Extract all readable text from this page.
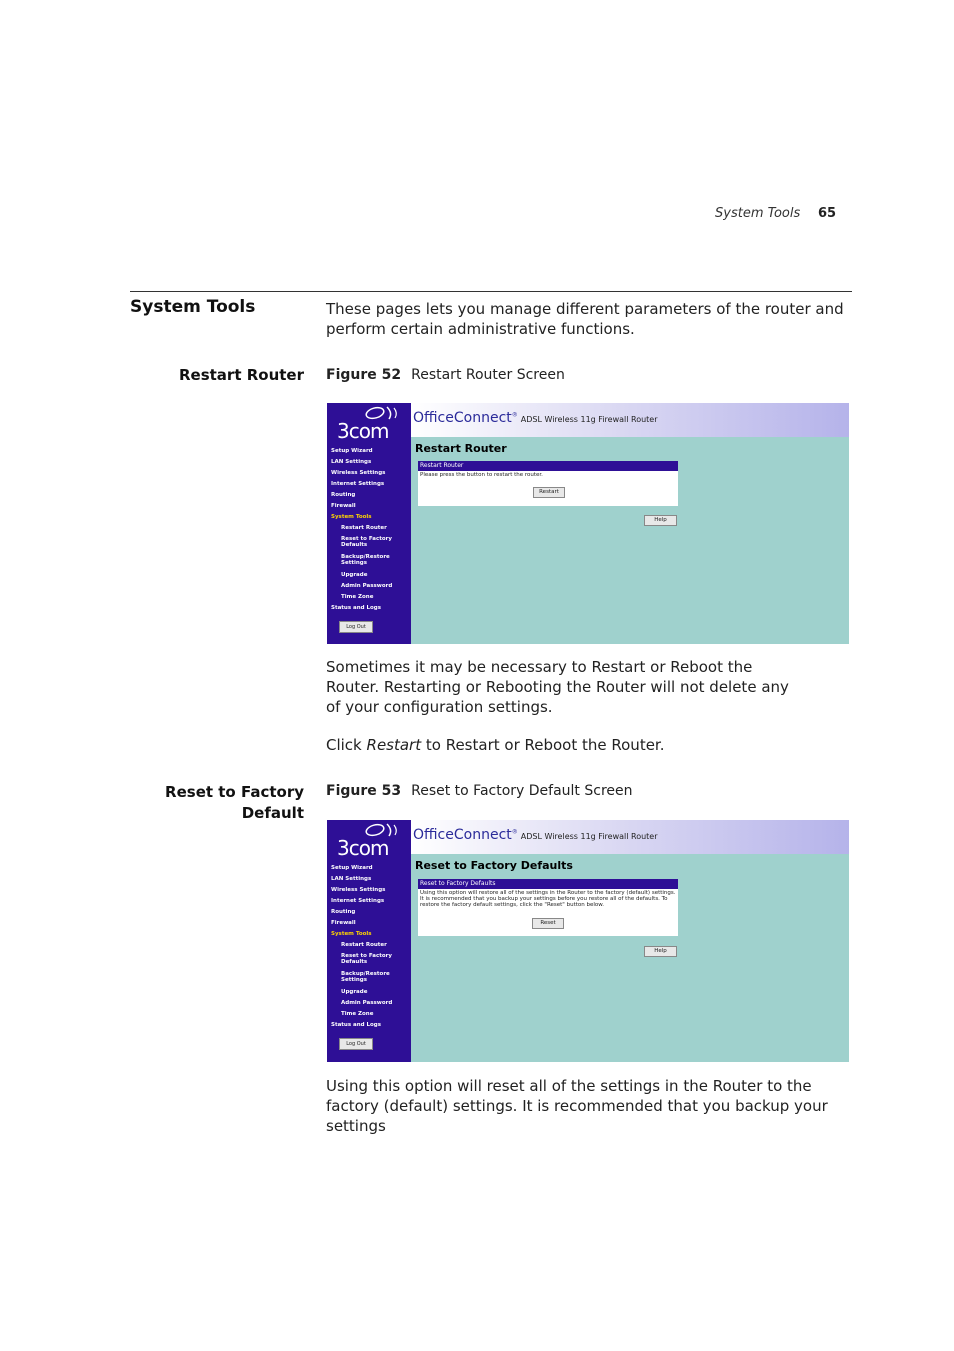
System Tools 65
System Tools	These pages lets you manage different parameters of the router and perform certain administrative functions.
Restart Router Figure 52 Restart Router Screen
3com
Setup Wizard
LAN Settings
Wireless Settings
Internet Settings
Routing
Firewall
System Tools
Restart Router
Reset to Factory
Defaults
Backup/Restore
Settings
Upgrade
Admin Password
Time Zone
Status and Logs
Log Out
OfficeConnect®ADSL Wireless 11g Firewall Router
Restart Router
Restart Router
Please press the button to restart the router.
Restart
Help
Sometimes it may be necessary to Restart or Reboot the Router. Restarting or Rebooting the Router will not delete any of your configuration settings.
Click Restart to Restart or Reboot the Router.
Reset to Factory
Default
Figure 53 Reset to Factory Default Screen
3com
Setup Wizard
LAN Settings
Wireless Settings
Internet Settings
Routing
Firewall
System Tools
Restart Router
Reset to Factory
Defaults
Backup/Restore
Settings
Upgrade
Admin Password
Time Zone
Status and Logs
Log Out
OfficeConnect®ADSL Wireless 11g Firewall Router
Reset to Factory Defaults
Reset to Factory Defaults
Using this option will restore all of the settings in the Router to the factory (default) settings. It is recommended that you backup your settings before you restore all of the defaults. To restore the factory default settings, click the "Reset" button below.
Reset
Help
Using this option will reset all of the settings in the Router to the factory (default) settings. It is recommended that you backup your settings
